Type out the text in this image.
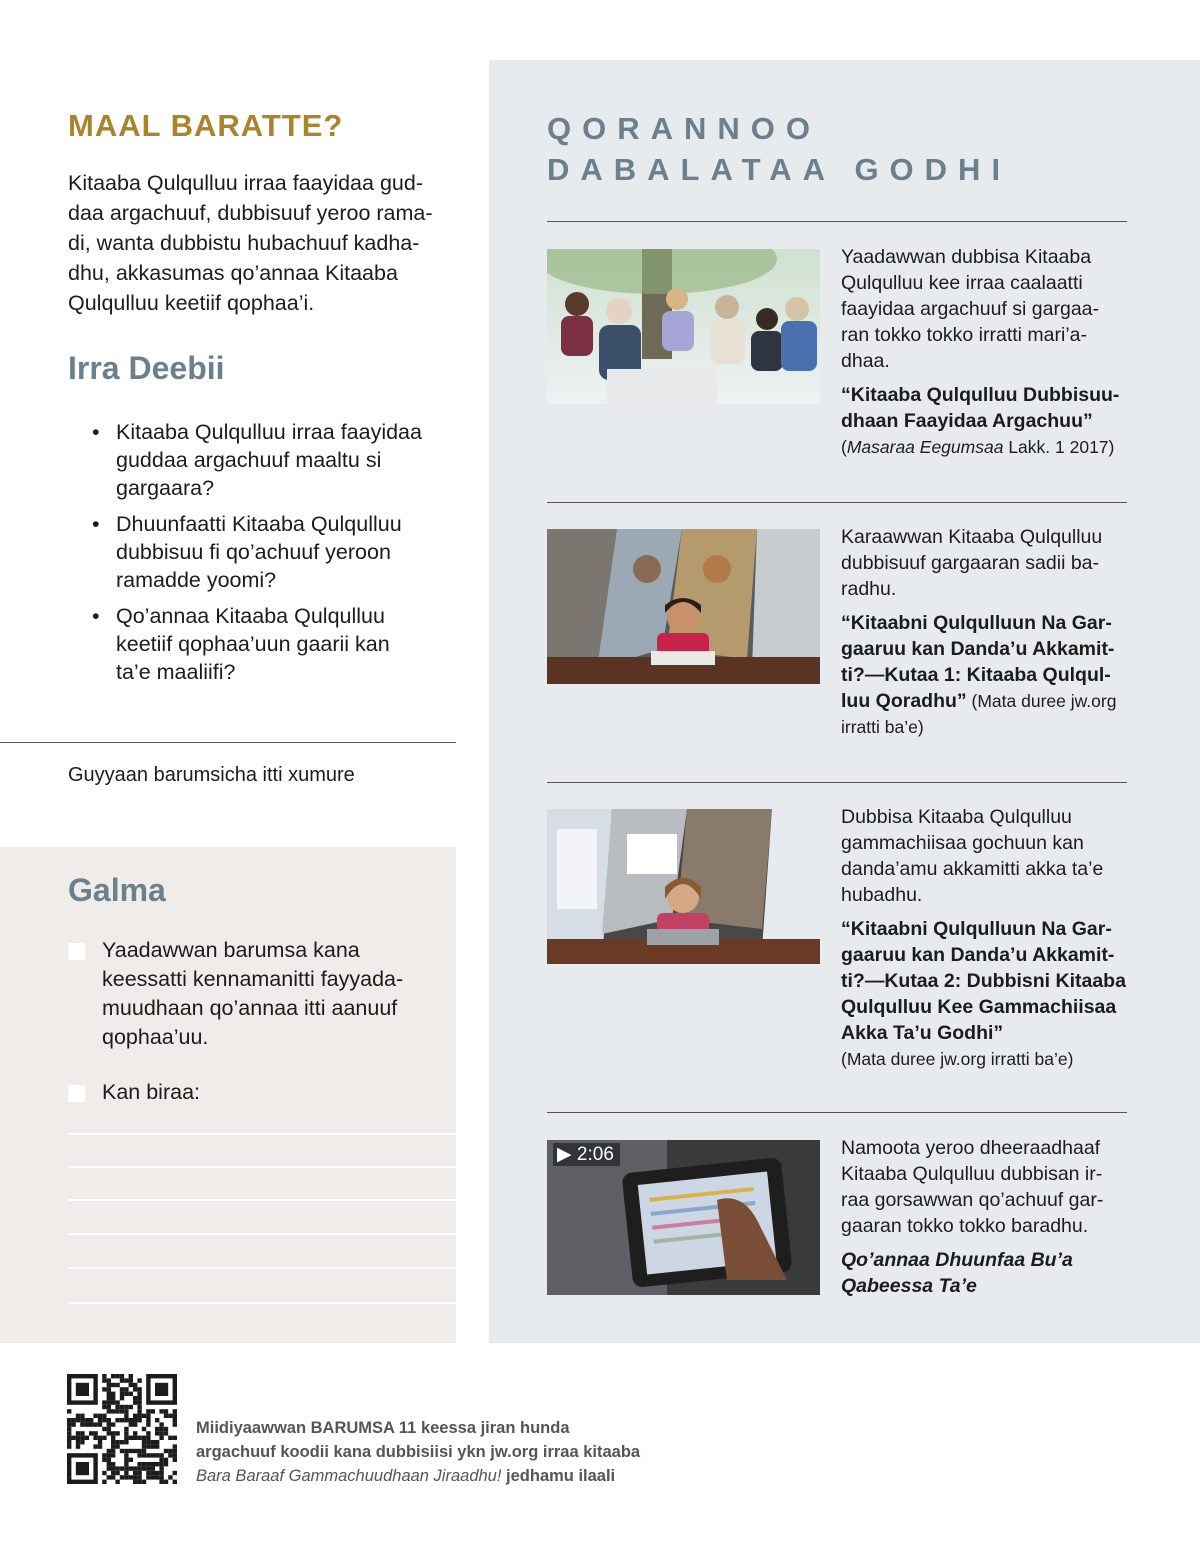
MAAL BARATTE?

Kitaaba Qulqulluu irraa faayidaa gud-
daa argachuuf, dubbisuuf yeroo rama-
di, wanta dubbistu hubachuuf kadha-
dhu, akkasumas qo’annaa Kitaaba
Qulqulluu keetiif qophaa’i.

Irra Deebii
• Kitaaba Qulqulluu irraa faayidaa
guddaa argachuuf maaltu si
gargaara?
• Dhuunfaatti Kitaaba Qulqulluu
dubbisuu fi qo’achuuf yeroon
ramadde yoomi?
• Qo’annaa Kitaaba Qulqulluu
keetiif qophaa’uun gaarii kan
ta’e maaliifi?

Guyyaan barumsicha itti xumure

Galma
Yaadawwan barumsa kana
keessatti kennamanitti fayyada-
muudhaan qo’annaa itti aanuuf
qophaa’uu.
Kan biraa:
QORANNOO
DABALATAA GODHI

Yaadawwan dubbisa Kitaaba
Qulqulluu kee irraa caalaatti
faayidaa argachuuf si gargaa-
ran tokko tokko irratti mari’a-
dhaa.

“Kitaaba Qulqulluu Dubbisuu-
dhaan Faayidaa Argachuu”
(Masaraa Eegumsaa Lakk. 1 2017)

Karaawwan Kitaaba Qulqulluu
dubbisuuf gargaaran sadii ba-
radhu.

“Kitaabni Qulqulluun Na Gar-
gaaruu kan Danda’u Akkamit-
ti?—Kutaa 1: Kitaaba Qulqul-
luu Qoradhu” (Mata duree jw.org
irratti ba’e)

Dubbisa Kitaaba Qulqulluu
gammachiisaa gochuun kan
danda’amu akkamitti akka ta’e
hubadhu.

“Kitaabni Qulqulluun Na Gar-
gaaruu kan Danda’u Akkamit-
ti?—Kutaa 2: Dubbisni Kitaaba
Qulqulluu Kee Gammachiisaa
Akka Ta’u Godhi”
(Mata duree jw.org irratti ba’e)

▶ 2:06	Namoota yeroo dheeraadhaaf
Kitaaba Qulqulluu dubbisan ir-
raa gorsawwan qo’achuuf gar-
gaaran tokko tokko baradhu.

Qo’annaa Dhuunfaa Bu’a
Qabeessa Ta’e

Miidiyaawwan BARUMSA 11 keessa jiran hunda
argachuuf koodii kana dubbisiisi ykn jw.org irraa kitaaba
Bara Baraaf Gammachuudhaan Jiraadhu! jedhamu ilaali
